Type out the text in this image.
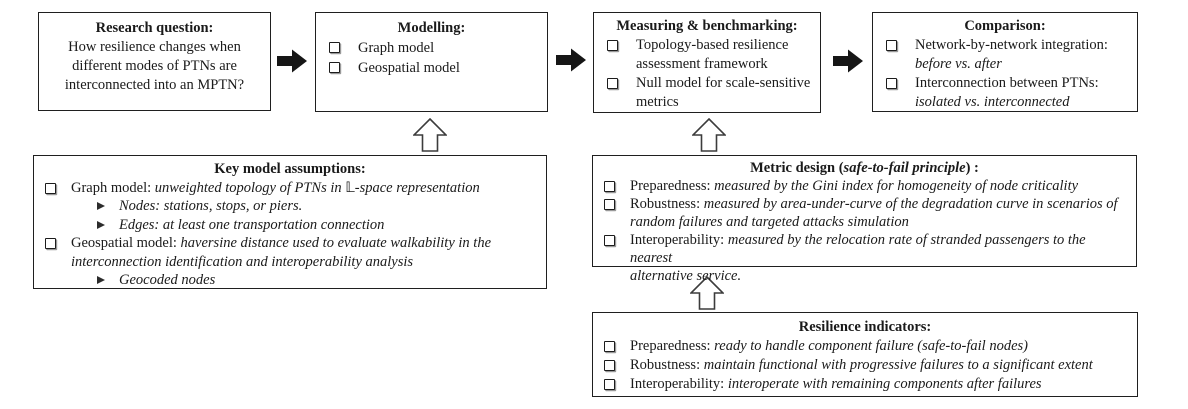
Research question:
How resilience changes when
different modes of PTNs are
interconnected into an MPTN?
Modelling:
Graph model
Geospatial model
Measuring & benchmarking:
Topology-based resilience
assessment framework
Null model for scale-sensitive
metrics
Comparison:
Network-by-network integration:
before vs. after
Interconnection between PTNs:
isolated vs. interconnected
Key model assumptions:
Graph model: unweighted topology of PTNs in 𝕃-space representation
Nodes: stations, stops, or piers.
Edges: at least one transportation connection
Geospatial model: haversine distance used to evaluate walkability in the
interconnection identification and interoperability analysis
Geocoded nodes
Metric design (safe-to-fail principle) :
Preparedness: measured by the Gini index for homogeneity of node criticality
Robustness: measured by area-under-curve of the degradation curve in scenarios of
random failures and targeted attacks simulation
Interoperability: measured by the relocation rate of stranded passengers to the nearest
alternative service.
Resilience indicators:
Preparedness: ready to handle component failure (safe-to-fail nodes)
Robustness: maintain functional with progressive failures to a significant extent
Interoperability: interoperate with remaining components after failures
